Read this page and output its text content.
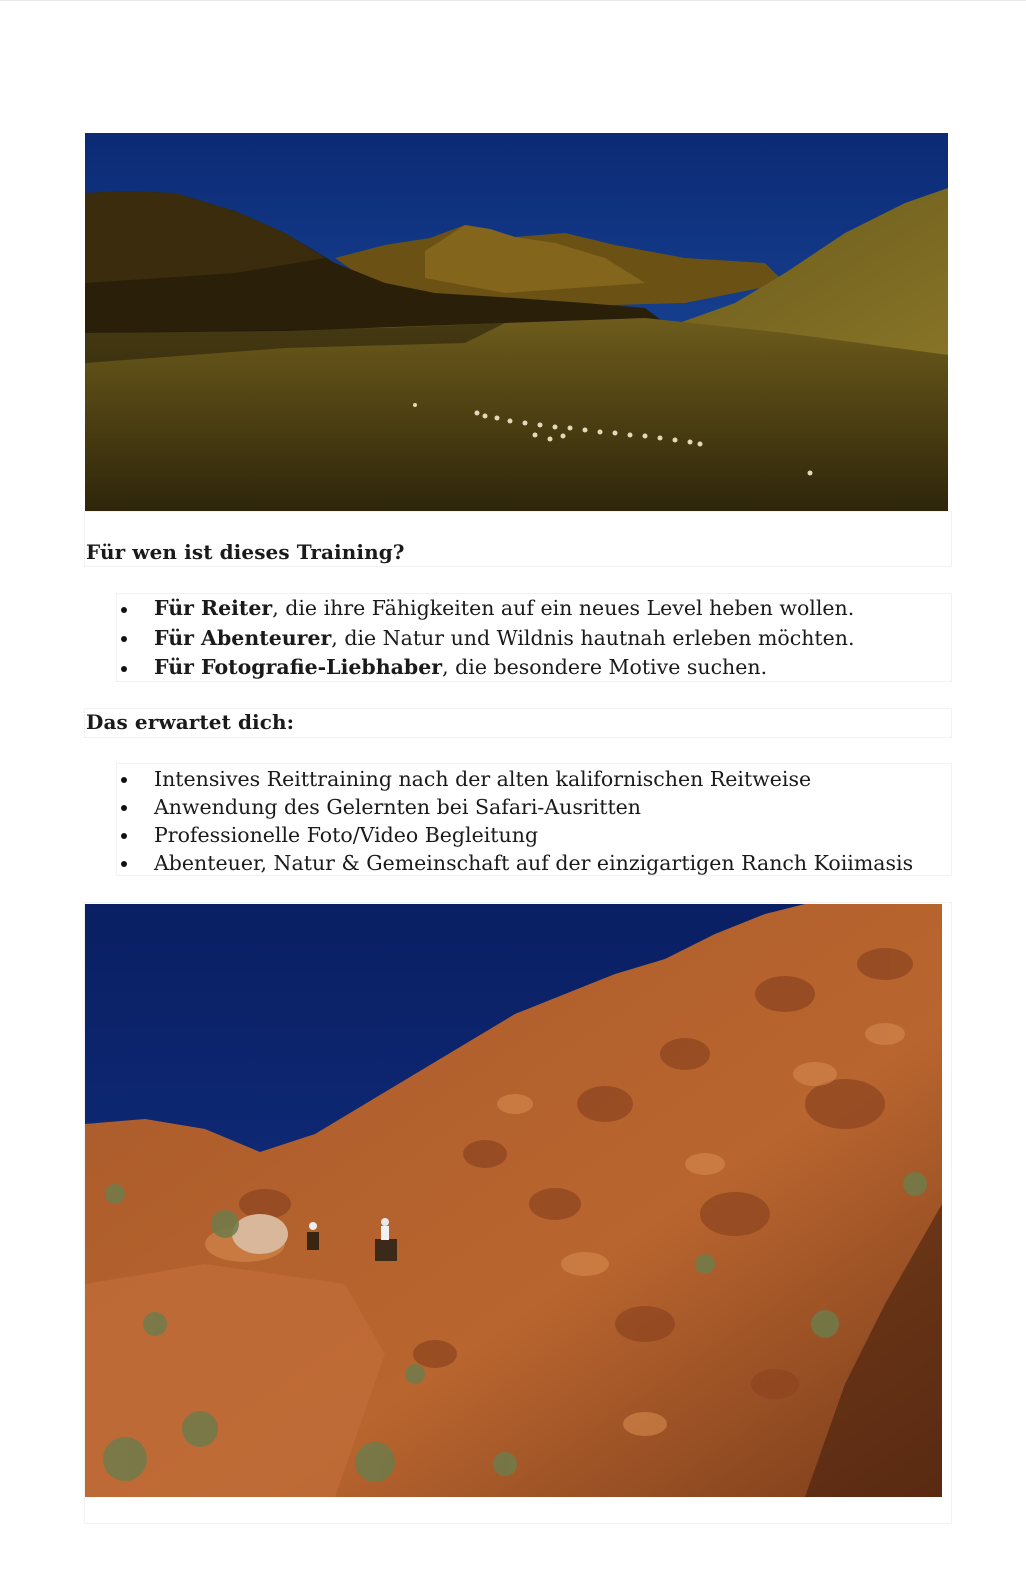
Für wen ist dieses Training?
Für Reiter, die ihre Fähigkeiten auf ein neues Level heben wollen.
Für Abenteurer, die Natur und Wildnis hautnah erleben möchten.
Für Fotografie-Liebhaber, die besondere Motive suchen.
Das erwartet dich:
Intensives Reittraining nach der alten kalifornischen Reitweise
Anwendung des Gelernten bei Safari-Ausritten
Professionelle Foto/Video Begleitung
Abenteuer, Natur & Gemeinschaft auf der einzigartigen Ranch Koiimasis
